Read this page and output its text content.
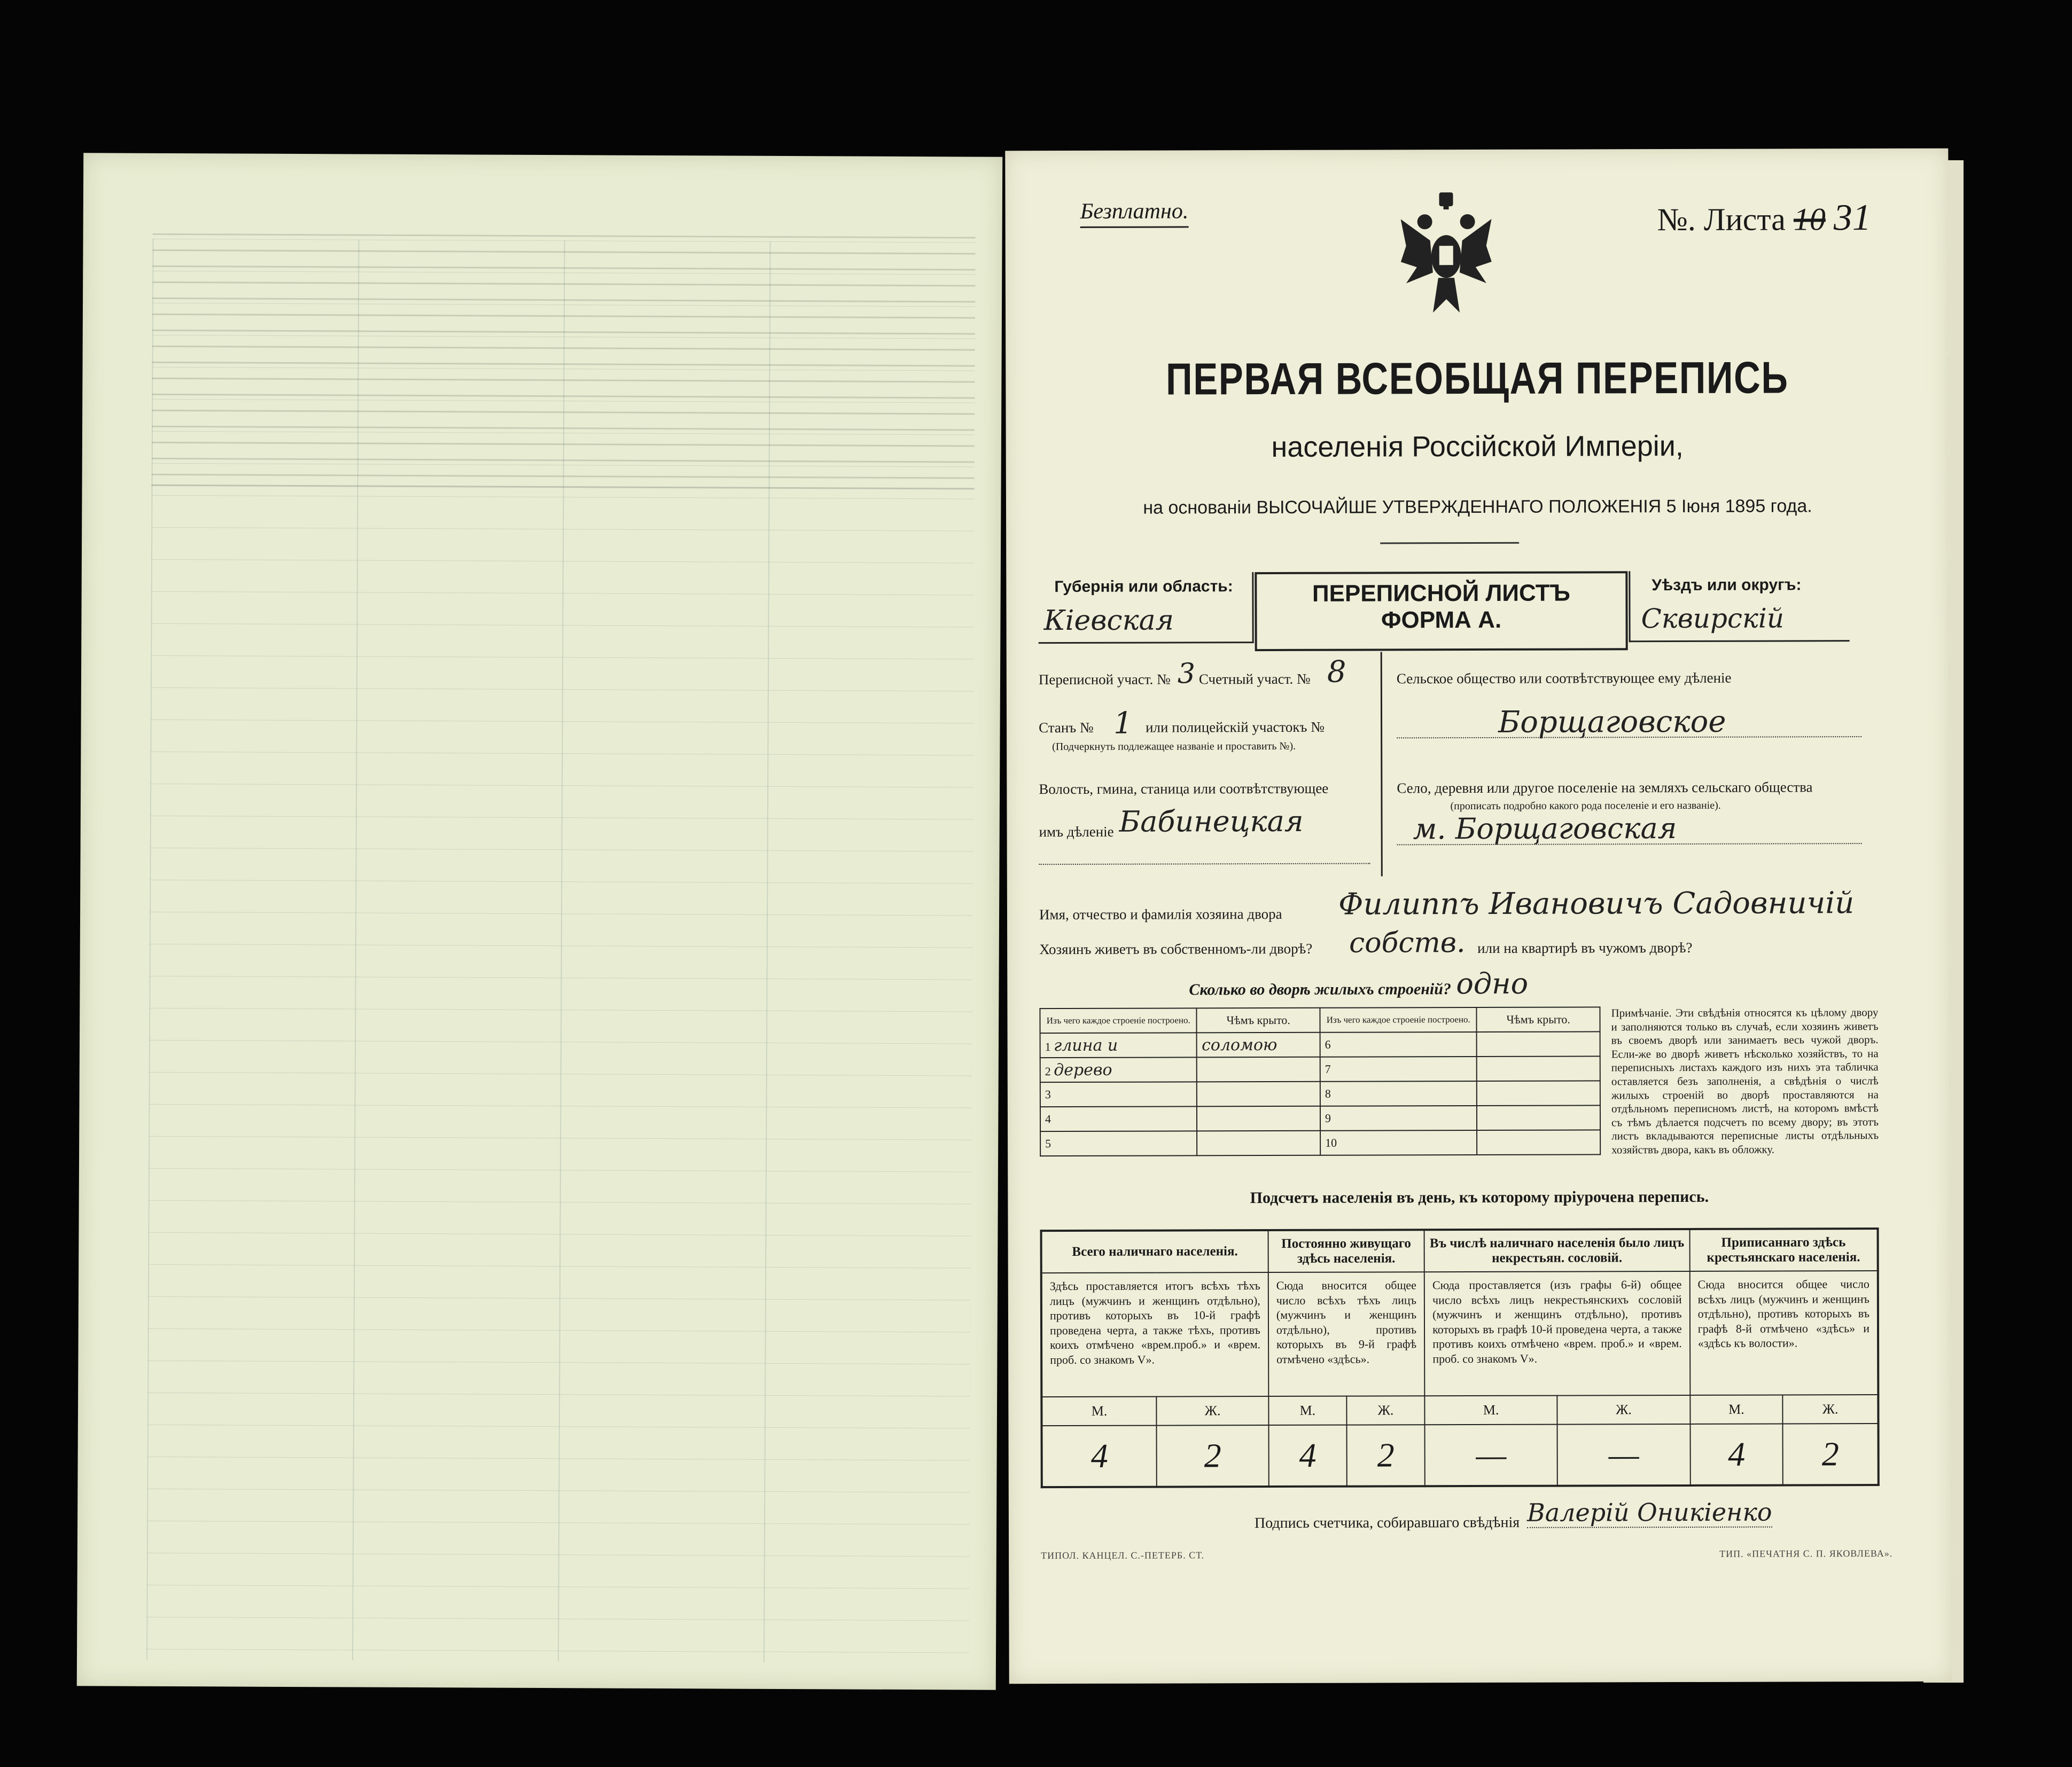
Безплатно.	№. Листа 10 31
ПЕРВАЯ ВСЕОБЩАЯ ПЕРЕПИСЬ
населенія Россійской Имперіи,
на основаніи ВЫСОЧАЙШЕ УТВЕРЖДЕННАГО ПОЛОЖЕНІЯ 5 Іюня 1895 года.
Губернія или область:
Кіевская
ПЕРЕПИСНОЙ ЛИСТЪ
ФОРМА А.
Уѣздъ или округъ:
Сквирскій
Переписной участ. № 3 Счетный участ. № 8
Станъ № 1 или полицейскій участокъ №
(Подчеркнуть подлежащее названіе и проставить №).
Волость, гмина, станица или соотвѣтствующее
имъ дѣленіе Бабинецкая
Сельское общество или соотвѣтствующее ему дѣленіе
Борщаговское
Село, деревня или другое поселеніе на земляхъ сельскаго общества
(прописать подробно какого рода поселеніе и его названіе).
м. Борщаговская
Имя, отчество и фамилія хозяина двора Филиппъ Ивановичъ Садовничій
Хозяинъ живетъ въ собственномъ-ли дворѣ? собств. или на квартирѣ въ чужомъ дворѣ?
Сколько во дворѣ жилыхъ строеній? одно
Изъ чего каждое строеніе построено.	Чѣмъ крыто.	Изъ чего каждое строеніе построено.	Чѣмъ крыто.
1 глина и	соломою	6	
2 дерево		7	
3		8	
4		9	
5		10	
Примѣчаніе. Эти свѣдѣнія относятся къ цѣлому двору и заполняются только въ случаѣ, если хозяинъ живетъ въ своемъ дворѣ или занимаетъ весь чужой дворъ. Если-же во дворѣ живетъ нѣсколько хозяйствъ, то на переписныхъ листахъ каждого изъ нихъ эта табличка оставляется безъ заполненія, а свѣдѣнія о числѣ жилыхъ строеній во дворѣ проставляются на отдѣльномъ переписномъ листѣ, на которомъ вмѣстѣ съ тѣмъ дѣлается подсчетъ по всему двору; въ этотъ листъ вкладываются переписные листы отдѣльныхъ хозяйствъ двора, какъ въ обложку.
Подсчетъ населенія въ день, къ которому пріурочена перепись.
Всего наличнаго населенія.		Постоянно живущаго здѣсь населенія.		Въ числѣ наличнаго населенія было лицъ некрестьян. сословій.		Приписаннаго здѣсь крестьянскаго населенія.	
Здѣсь проставляется итогъ всѣхъ тѣхъ лицъ (мужчинъ и женщинъ отдѣльно), противъ которыхъ въ 10-й графѣ проведена черта, а также тѣхъ, противъ коихъ отмѣчено «врем.проб.» и «врем. проб. со знакомъ V».		Сюда вносится общее число всѣхъ тѣхъ лицъ (мужчинъ и женщинъ отдѣльно), противъ которыхъ въ 9-й графѣ отмѣчено «здѣсь».		Сюда проставляется (изъ графы 6-й) общее число всѣхъ лицъ некрестьянскихъ сословій (мужчинъ и женщинъ отдѣльно), противъ которыхъ въ графѣ 10-й проведена черта, а также противъ коихъ отмѣчено «врем. проб.» и «врем. проб. со знакомъ V».		Сюда вносится общее число всѣхъ лицъ (мужчинъ и женщинъ отдѣльно), противъ которыхъ въ графѣ 8-й отмѣчено «здѣсь» и «здѣсь къ волости».	
М.	Ж.	М.	Ж.	М.	Ж.	М.	Ж.
4	2	4	2	—	—	4	2
Подпись счетчика, собиравшаго свѣдѣнія Валерій Оникіенко
ТИПОЛ. КАНЦЕЛ. С.-ПЕТЕРБ. СТ.	ТИП. «ПЕЧАТНЯ С. П. ЯКОВЛЕВА».
